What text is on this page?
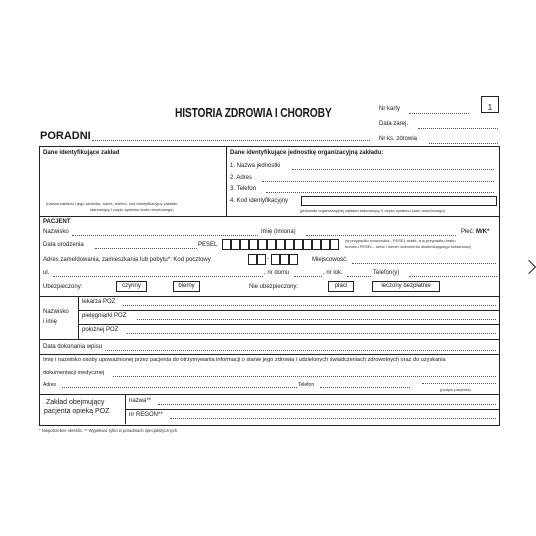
HISTORIA ZDROWIA I CHOROBY	1
Nr karty
Data zarej.
PORADNI	Nr ks. zdrowia
Dane identyfikujące zakład
(nazwa zakładu i jego siedziba, adres, telefon, kod identyfikacyjny zakładu
stanowiący I część systemu kodu resortowego)
Dane identyfikujące jednostkę organizacyjną zakładu:
1. Nazwa jednostki
2. Adres
3. Telefon
4. Kod identyfikacyjny
(jednostki organizacyjnej zakładu stanowiący V część systemu kodu resortowego)
PACJENT
Nazwisko	Imię (imiona)	Płeć: M/K*
Data urodzenia	PESEL
(w przypadku noworodka - PESEL matki, a w przypadku braku
numeru PESEL - seria i numer dokumentu stwierdzającego tożsamość)
Adres zameldowania, zamieszkania lub pobytu*: Kod pocztowy	-	Miejscowość:
ul.	, nr domu	, nr lok.	Telefon(y)
Ubezpieczony:	czynny	bierny	Nie ubezpieczony:	płaci	leczony bezpłatnie
Nazwisko
i imię
lekarza POZ
pielęgniarki POZ
położnej POZ
Data dokonania wpisu
Imię i nazwisko osoby upoważnionej przez pacjenta do otrzymywania informacji o stanie jego zdrowia i udzielonych świadczeniach zdrowotnych oraz do uzyskania
dokumentacji medycznej
Adres	Telefon
(podpis pacjenta)
Zakład obejmujący
pacjenta opieką POZ
nazwa**
nr REGON**
* Niepotrzebne skreślić. ** Wypełniać tylko w poradniach specjalistycznych.
